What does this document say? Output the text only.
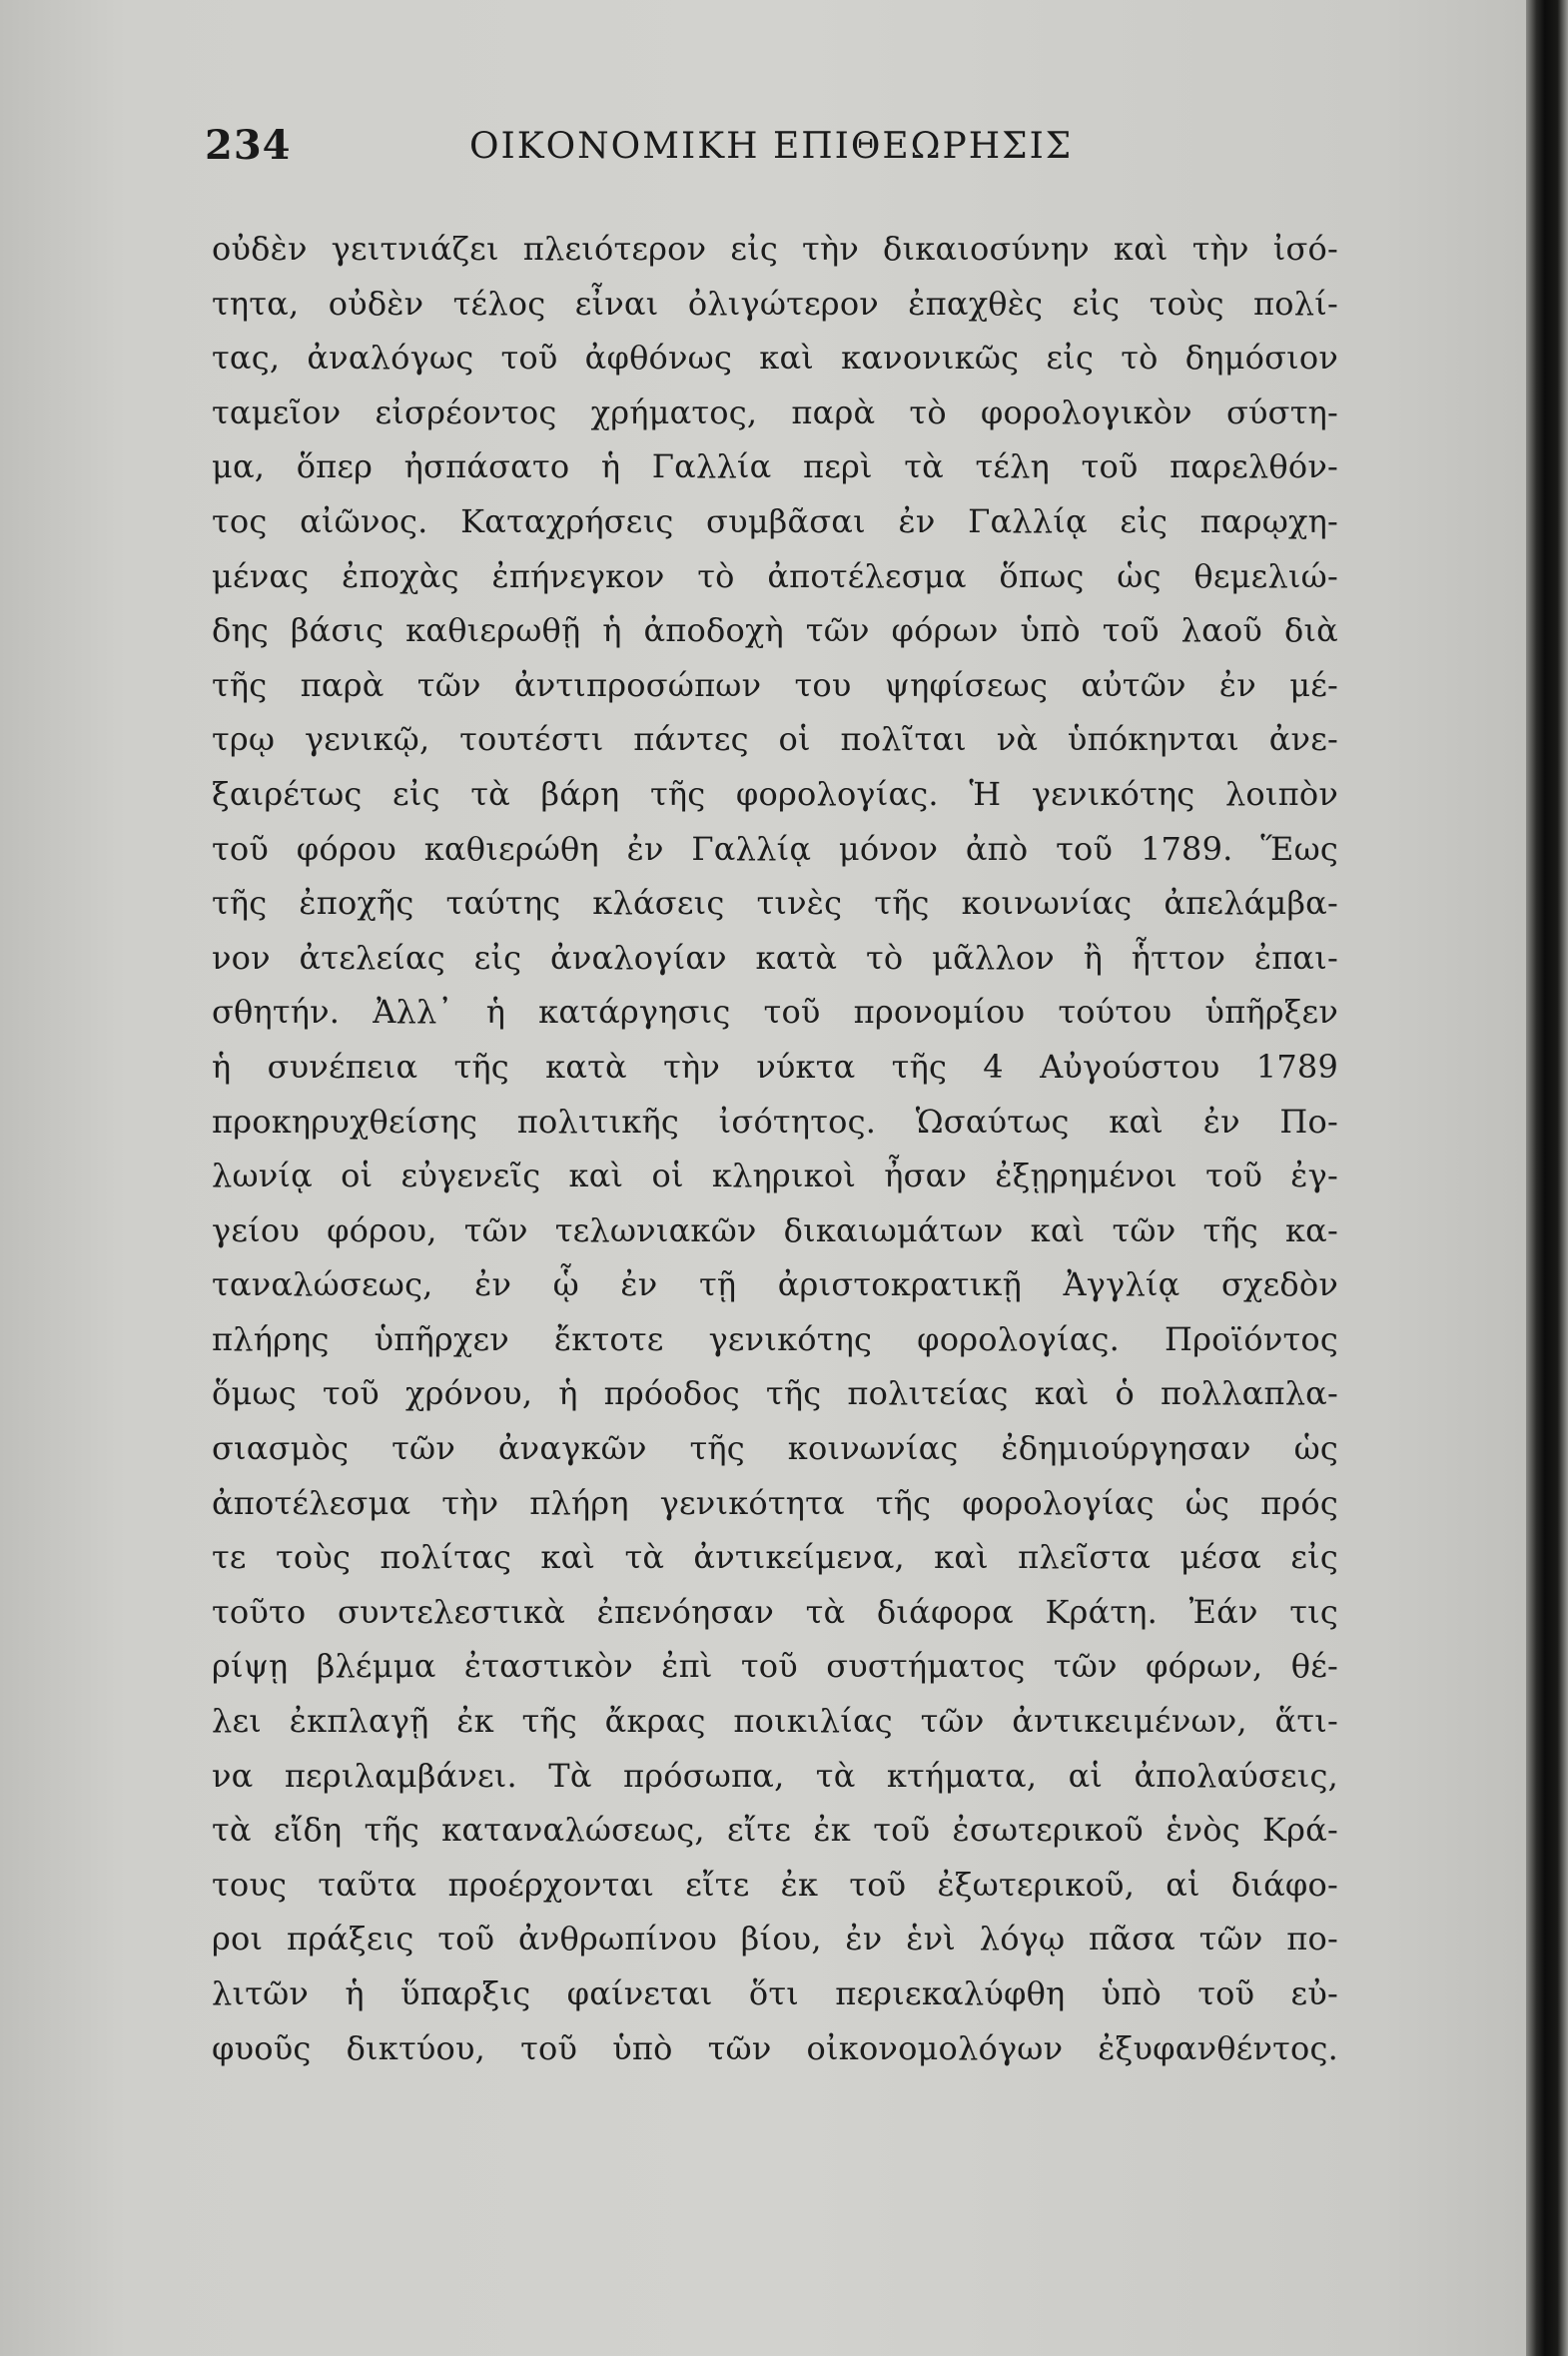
234	ΟΙΚΟΝΟΜΙΚΗ ΕΠΙΘΕΩΡΗΣΙΣ
οὐδὲν γειτνιάζει πλειότερον εἰς τὴν δικαιοσύνην καὶ τὴν ἰσό-
τητα, οὐδὲν τέλος εἶναι ὀλιγώτερον ἐπαχθὲς εἰς τοὺς πολί-
τας, ἀναλόγως τοῦ ἀφθόνως καὶ κανονικῶς εἰς τὸ δημόσιον
ταμεῖον εἰσρέοντος χρήματος, παρὰ τὸ φορολογικὸν σύστη-
μα, ὅπερ ἠσπάσατο ἡ Γαλλία περὶ τὰ τέλη τοῦ παρελθόν-
τος αἰῶνος. Καταχρήσεις συμβᾶσαι ἐν Γαλλίᾳ εἰς παρῳχη-
μένας ἐποχὰς ἐπήνεγκον τὸ ἀποτέλεσμα ὅπως ὡς θεμελιώ-
δης βάσις καθιερωθῇ ἡ ἀποδοχὴ τῶν φόρων ὑπὸ τοῦ λαοῦ διὰ
τῆς παρὰ τῶν ἀντιπροσώπων του ψηφίσεως αὐτῶν ἐν μέ-
τρῳ γενικῷ, τουτέστι πάντες οἱ πολῖται νὰ ὑπόκηνται ἀνε-
ξαιρέτως εἰς τὰ βάρη τῆς φορολογίας. Ἡ γενικότης λοιπὸν
τοῦ φόρου καθιερώθη ἐν Γαλλίᾳ μόνον ἀπὸ τοῦ 1789. Ἕως
τῆς ἐποχῆς ταύτης κλάσεις τινὲς τῆς κοινωνίας ἀπελάμβα-
νον ἀτελείας εἰς ἀναλογίαν κατὰ τὸ μᾶλλον ἢ ἧττον ἐπαι-
σθητήν. Ἀλλ᾽ ἡ κατάργησις τοῦ προνομίου τούτου ὑπῆρξεν
ἡ συνέπεια τῆς κατὰ τὴν νύκτα τῆς 4 Αὐγούστου 1789
προκηρυχθείσης πολιτικῆς ἰσότητος. Ὡσαύτως καὶ ἐν Πο-
λωνίᾳ οἱ εὐγενεῖς καὶ οἱ κληρικοὶ ἦσαν ἐξῃρημένοι τοῦ ἐγ-
γείου φόρου, τῶν τελωνιακῶν δικαιωμάτων καὶ τῶν τῆς κα-
ταναλώσεως, ἐν ᾧ ἐν τῇ ἀριστοκρατικῇ Ἀγγλίᾳ σχεδὸν
πλήρης ὑπῆρχεν ἔκτοτε γενικότης φορολογίας. Προϊόντος
ὅμως τοῦ χρόνου, ἡ πρόοδος τῆς πολιτείας καὶ ὁ πολλαπλα-
σιασμὸς τῶν ἀναγκῶν τῆς κοινωνίας ἐδημιούργησαν ὡς
ἀποτέλεσμα τὴν πλήρη γενικότητα τῆς φορολογίας ὡς πρός
τε τοὺς πολίτας καὶ τὰ ἀντικείμενα, καὶ πλεῖστα μέσα εἰς
τοῦτο συντελεστικὰ ἐπενόησαν τὰ διάφορα Κράτη. Ἐάν τις
ρίψῃ βλέμμα ἐταστικὸν ἐπὶ τοῦ συστήματος τῶν φόρων, θέ-
λει ἐκπλαγῇ ἐκ τῆς ἄκρας ποικιλίας τῶν ἀντικειμένων, ἅτι-
να περιλαμβάνει. Τὰ πρόσωπα, τὰ κτήματα, αἱ ἀπολαύσεις,
τὰ εἴδη τῆς καταναλώσεως, εἴτε ἐκ τοῦ ἐσωτερικοῦ ἑνὸς Κρά-
τους ταῦτα προέρχονται εἴτε ἐκ τοῦ ἐξωτερικοῦ, αἱ διάφο-
ροι πράξεις τοῦ ἀνθρωπίνου βίου, ἐν ἑνὶ λόγῳ πᾶσα τῶν πο-
λιτῶν ἡ ὕπαρξις φαίνεται ὅτι περιεκαλύφθη ὑπὸ τοῦ εὐ-
φυοῦς δικτύου, τοῦ ὑπὸ τῶν οἰκονομολόγων ἐξυφανθέντος.
